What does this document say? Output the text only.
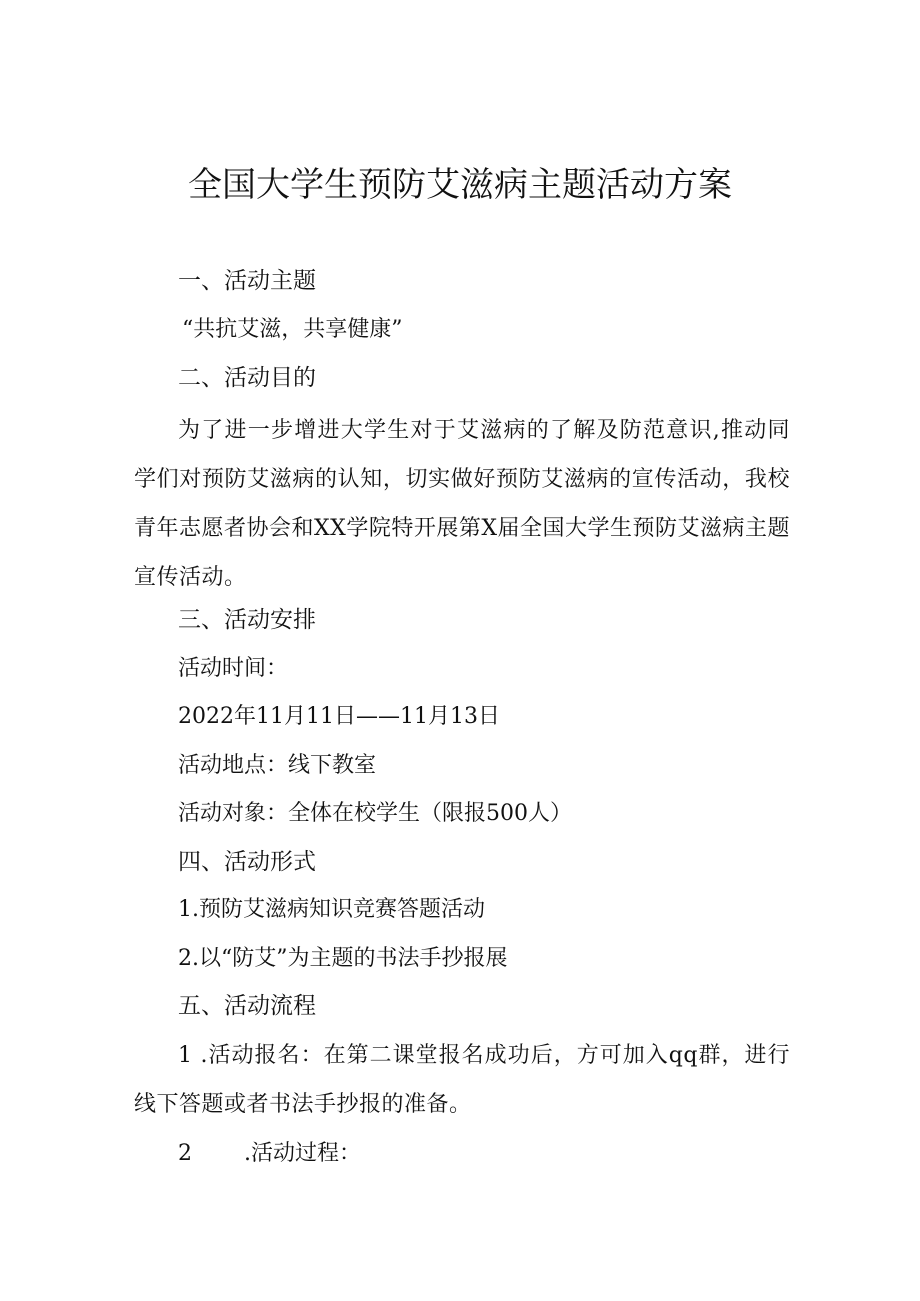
全国大学生预防艾滋病主题活动方案

一、活动主题

“共抗艾滋，共享健康”

二、活动目的

为了进一步增进大学生对于艾滋病的了解及防范意识,推动同学们对预防艾滋病的认知，切实做好预防艾滋病的宣传活动，我校青年志愿者协会和XX学院特开展第X届全国大学生预防艾滋病主题宣传活动。

三、活动安排

活动时间：

2022年11月11日——11月13日

活动地点：线下教室

活动对象：全体在校学生（限报500人）

四、活动形式

1.预防艾滋病知识竞赛答题活动

2.以“防艾”为主题的书法手抄报展

五、活动流程

1 .活动报名：在第二课堂报名成功后，方可加入qq群，进行线下答题或者书法手抄报的准备。

2 .活动过程：
